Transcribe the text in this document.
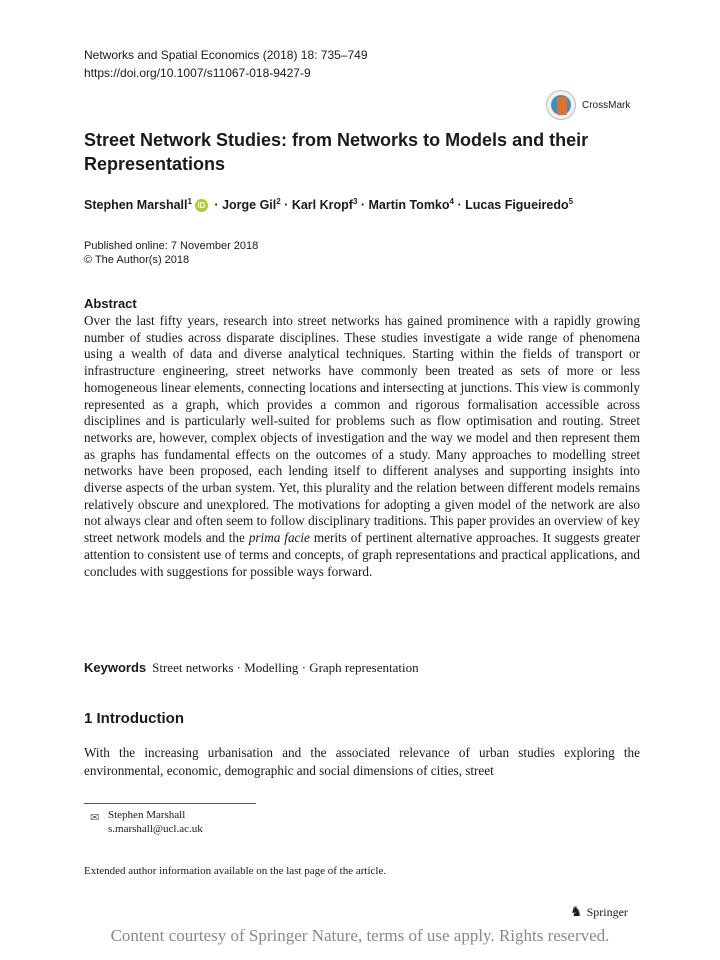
Networks and Spatial Economics (2018) 18: 735–749
https://doi.org/10.1007/s11067-018-9427-9
CrossMark
Street Network Studies: from Networks to Models and their Representations
Stephen Marshall$^1$ iD · Jorge Gil$^2$ · Karl Kropf$^3$ · Martin Tomko$^4$ · Lucas Figueiredo$^5$
Published online: 7 November 2018
© The Author(s) 2018
Abstract
Over the last fifty years, research into street networks has gained prominence with a rapidly growing number of studies across disparate disciplines. These studies investigate a wide range of phenomena using a wealth of data and diverse analytical techniques. Starting within the fields of transport or infrastructure engineering, street networks have commonly been treated as sets of more or less homogeneous linear elements, connecting locations and intersecting at junctions. This view is commonly represented as a graph, which provides a common and rigorous formalisation accessible across disciplines and is particularly well-suited for problems such as flow optimisation and routing. Street networks are, however, complex objects of investigation and the way we model and then represent them as graphs has fundamental effects on the outcomes of a study. Many approaches to modelling street networks have been proposed, each lending itself to different analyses and supporting insights into diverse aspects of the urban system. Yet, this plurality and the relation between different models remains relatively obscure and unexplored. The motivations for adopting a given model of the network are also not always clear and often seem to follow disciplinary traditions. This paper provides an overview of key street network models and the prima facie merits of pertinent alternative approaches. It suggests greater attention to consistent use of terms and concepts, of graph representations and practical applications, and concludes with suggestions for possible ways forward.
Keywords Street networks · Modelling · Graph representation
1 Introduction
With the increasing urbanisation and the associated relevance of urban studies exploring the environmental, economic, demographic and social dimensions of cities, street
✉ Stephen Marshall
s.marshall@ucl.ac.uk
Extended author information available on the last page of the article.
♞ Springer
Content courtesy of Springer Nature, terms of use apply. Rights reserved.
